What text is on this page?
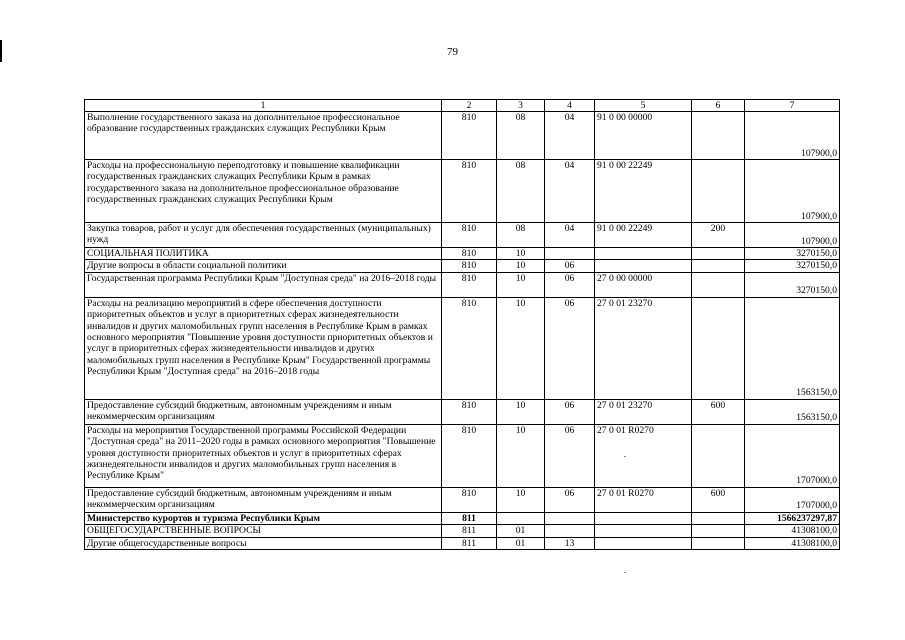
79
1	2	3	4	5	6	7
Выполнение государственного заказа на дополнительное профессиональное образование государственных гражданских служащих Республики Крым	810	08	04	91 0 00 00000		107900,0
Расходы на профессиональную переподготовку и повышение квалификации государственных гражданских служащих Республики Крым в рамках государственного заказа на дополнительное профессиональное образование государственных гражданских служащих Республики Крым	810	08	04	91 0 00 22249		107900,0
Закупка товаров, работ и услуг для обеспечения государственных (муниципальных) нужд	810	08	04	91 0 00 22249	200	107900,0
СОЦИАЛЬНАЯ ПОЛИТИКА	810	10				3270150,0
Другие вопросы в области социальной политики	810	10	06			3270150,0
Государственная программа Республики Крым "Доступная среда" на 2016–2018 годы	810	10	06	27 0 00 00000		3270150,0
Расходы на реализацию мероприятий в сфере обеспечения доступности приоритетных объектов и услуг в приоритетных сферах жизнедеятельности инвалидов и других маломобильных групп населения в Республике Крым в рамках основного мероприятия "Повышение уровня доступности приоритетных объектов и услуг в приоритетных сферах жизнедеятельности инвалидов и других маломобильных групп населения в Республике Крым" Государственной программы Республики Крым "Доступная среда" на 2016–2018 годы	810	10	06	27 0 01 23270		1563150,0
Предоставление субсидий бюджетным, автономным учреждениям и иным некоммерческим организациям	810	10	06	27 0 01 23270	600	1563150,0
Расходы на мероприятия Государственной программы Российской Федерации "Доступная среда" на 2011–2020 годы в рамках основного мероприятия "Повышение уровня доступности приоритетных объектов и услуг в приоритетных сферах жизнедеятельности инвалидов и других маломобильных групп населения в Республике Крым"	810	10	06	27 0 01 R0270		1707000,0
Предоставление субсидий бюджетным, автономным учреждениям и иным некоммерческим организациям	810	10	06	27 0 01 R0270	600	1707000,0
Министерство курортов и туризма Республики Крым	811					1566237297,87
ОБЩЕГОСУДАРСТВЕННЫЕ ВОПРОСЫ	811	01				41308100,0
Другие общегосударственные вопросы	811	01	13			41308100,0
